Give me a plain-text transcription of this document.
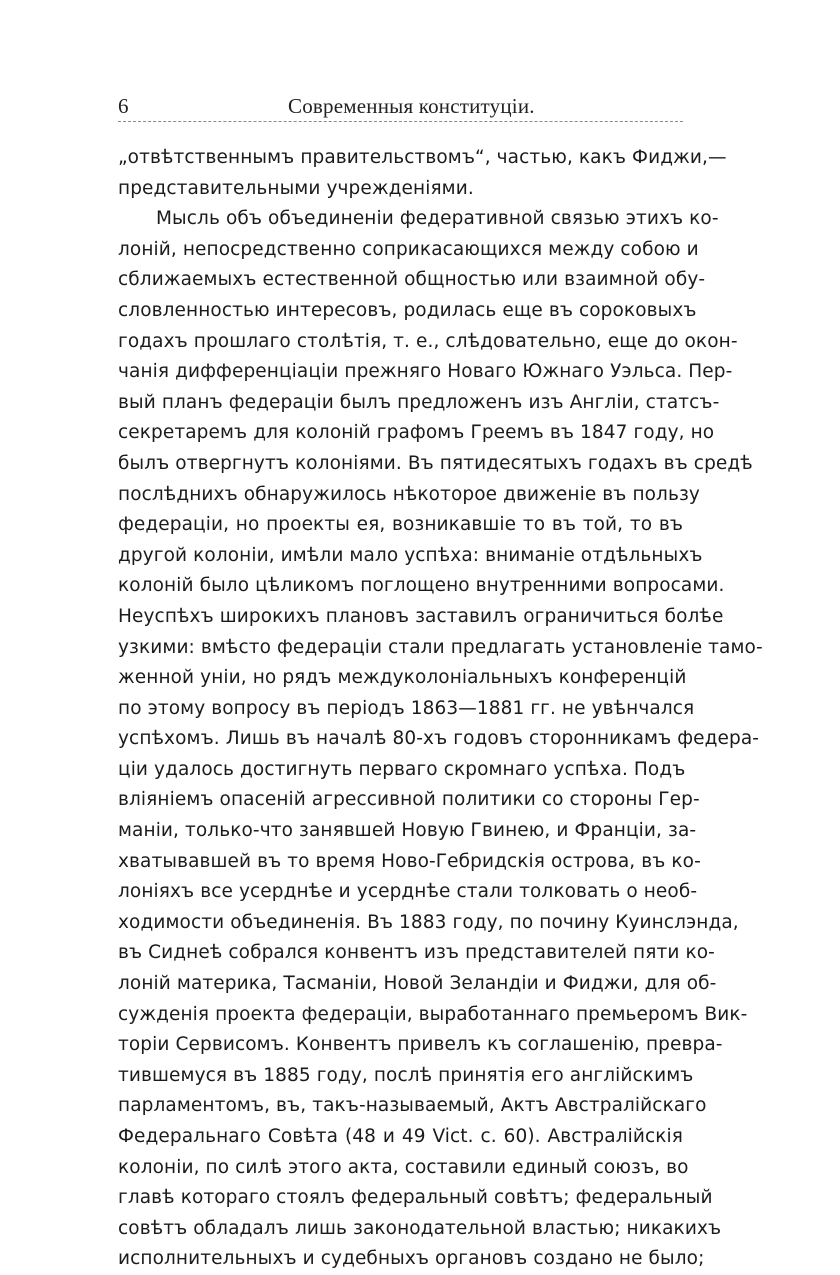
6	Современныя конституціи.
„отвѣтственнымъ правительствомъ“, частью, какъ Фиджи,—
представительными учрежденіями.
Мысль объ объединеніи федеративной связью этихъ ко-
лоній, непосредственно соприкасающихся между собою и
сближаемыхъ естественной общностью или взаимной обу-
словленностью интересовъ, родилась еще въ сороковыхъ
годахъ прошлаго столѣтія, т. е., слѣдовательно, еще до окон-
чанія дифференціаціи прежняго Новаго Южнаго Уэльса. Пер-
вый планъ федераціи былъ предложенъ изъ Англіи, статсъ-
секретаремъ для колоній графомъ Греемъ въ 1847 году, но
былъ отвергнутъ колоніями. Въ пятидесятыхъ годахъ въ средѣ
послѣднихъ обнаружилось нѣкоторое движеніе въ пользу
федераціи, но проекты ея, возникавшіе то въ той, то въ
другой колоніи, имѣли мало успѣха: вниманіе отдѣльныхъ
колоній было цѣликомъ поглощено внутренними вопросами.
Неуспѣхъ широкихъ плановъ заставилъ ограничиться болѣе
узкими: вмѣсто федераціи стали предлагать установленіе тамо-
женной уніи, но рядъ междуколоніальныхъ конференцій
по этому вопросу въ періодъ 1863—1881 гг. не увѣнчался
успѣхомъ. Лишь въ началѣ 80-хъ годовъ сторонникамъ федера-
ціи удалось достигнуть перваго скромнаго успѣха. Подъ
вліяніемъ опасеній агрессивной политики со стороны Гер-
маніи, только-что занявшей Новую Гвинею, и Франціи, за-
хватывавшей въ то время Ново-Гебридскія острова, въ ко-
лоніяхъ все усерднѣе и усерднѣе стали толковать о необ-
ходимости объединенія. Въ 1883 году, по почину Куинслэнда,
въ Сиднеѣ собрался конвентъ изъ представителей пяти ко-
лоній материка, Тасманіи, Новой Зеландіи и Фиджи, для об-
сужденія проекта федераціи, выработаннаго премьеромъ Вик-
торіи Сервисомъ. Конвентъ привелъ къ соглашенію, превра-
тившемуся въ 1885 году, послѣ принятія его англійскимъ
парламентомъ, въ, такъ-называемый, Актъ Австралійскаго
Федеральнаго Совѣта (48 и 49 Vict. c. 60). Австралійскія
колоніи, по силѣ этого акта, составили единый союзъ, во
главѣ котораго стоялъ федеральный совѣтъ; федеральный
совѣтъ обладалъ лишь законодательной властью; никакихъ
исполнительныхъ и судебныхъ органовъ создано не было;
